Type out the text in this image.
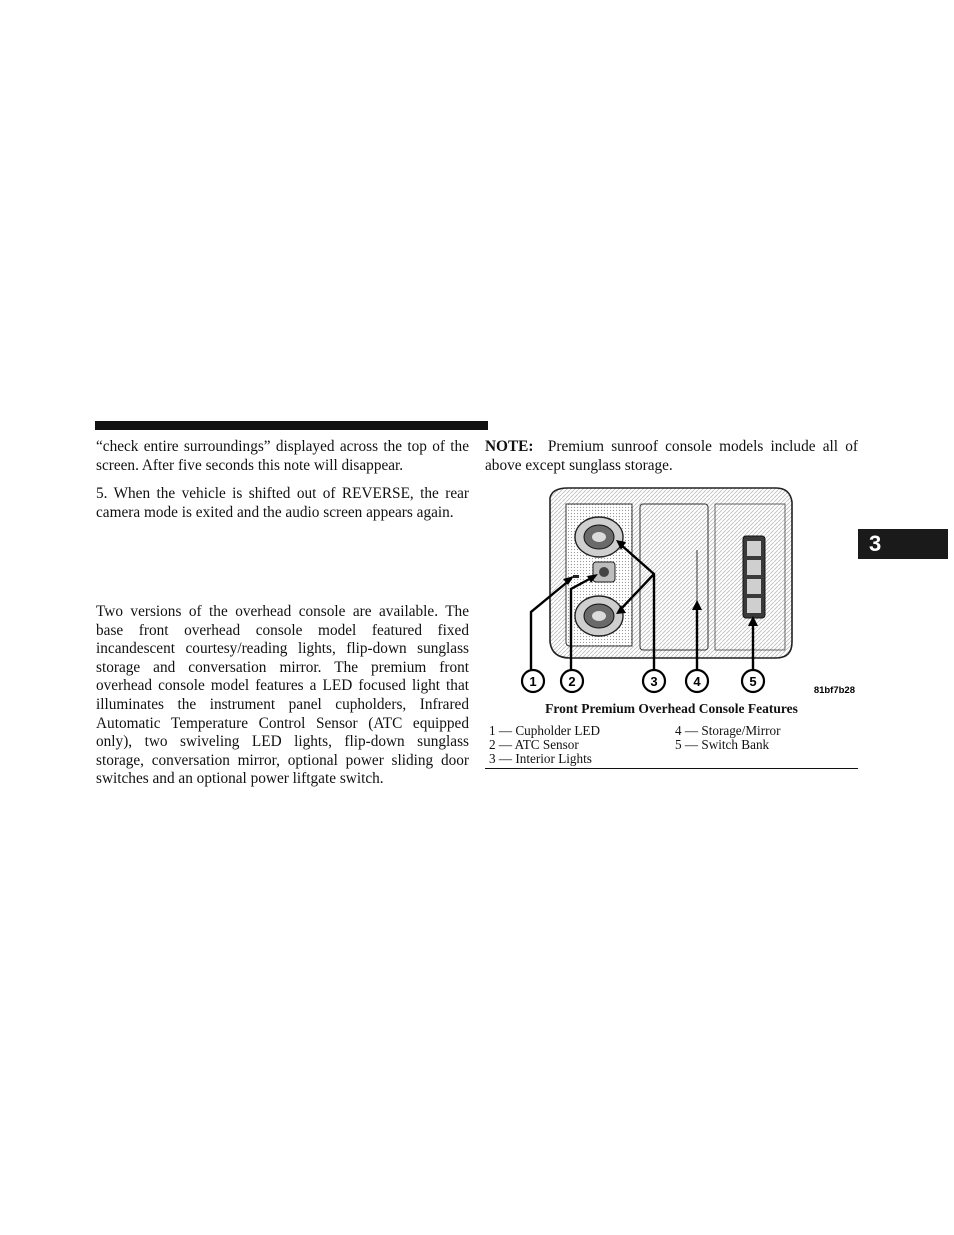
3

“check entire surroundings” displayed across the top of the screen. After five seconds this note will disappear.

5. When the vehicle is shifted out of REVERSE, the rear camera mode is exited and the audio screen appears again.

Two versions of the overhead console are available. The base front overhead console model featured fixed incandescent courtesy/reading lights, flip-down sunglass storage and conversation mirror. The premium front overhead console model features a LED focused light that illuminates the instrument panel cupholders, Infrared Automatic Temperature Control Sensor (ATC equipped only), two swiveling LED lights, flip-down sunglass storage, conversation mirror, optional power sliding door switches and an optional power liftgate switch.

NOTE: Premium sunroof console models include all of above except sunglass storage.

1 2	3	4	5
81bf7b28
Front Premium Overhead Console Features
1 — Cupholder LED
2 — ATC Sensor
3 — Interior Lights
4 — Storage/Mirror
5 — Switch Bank
